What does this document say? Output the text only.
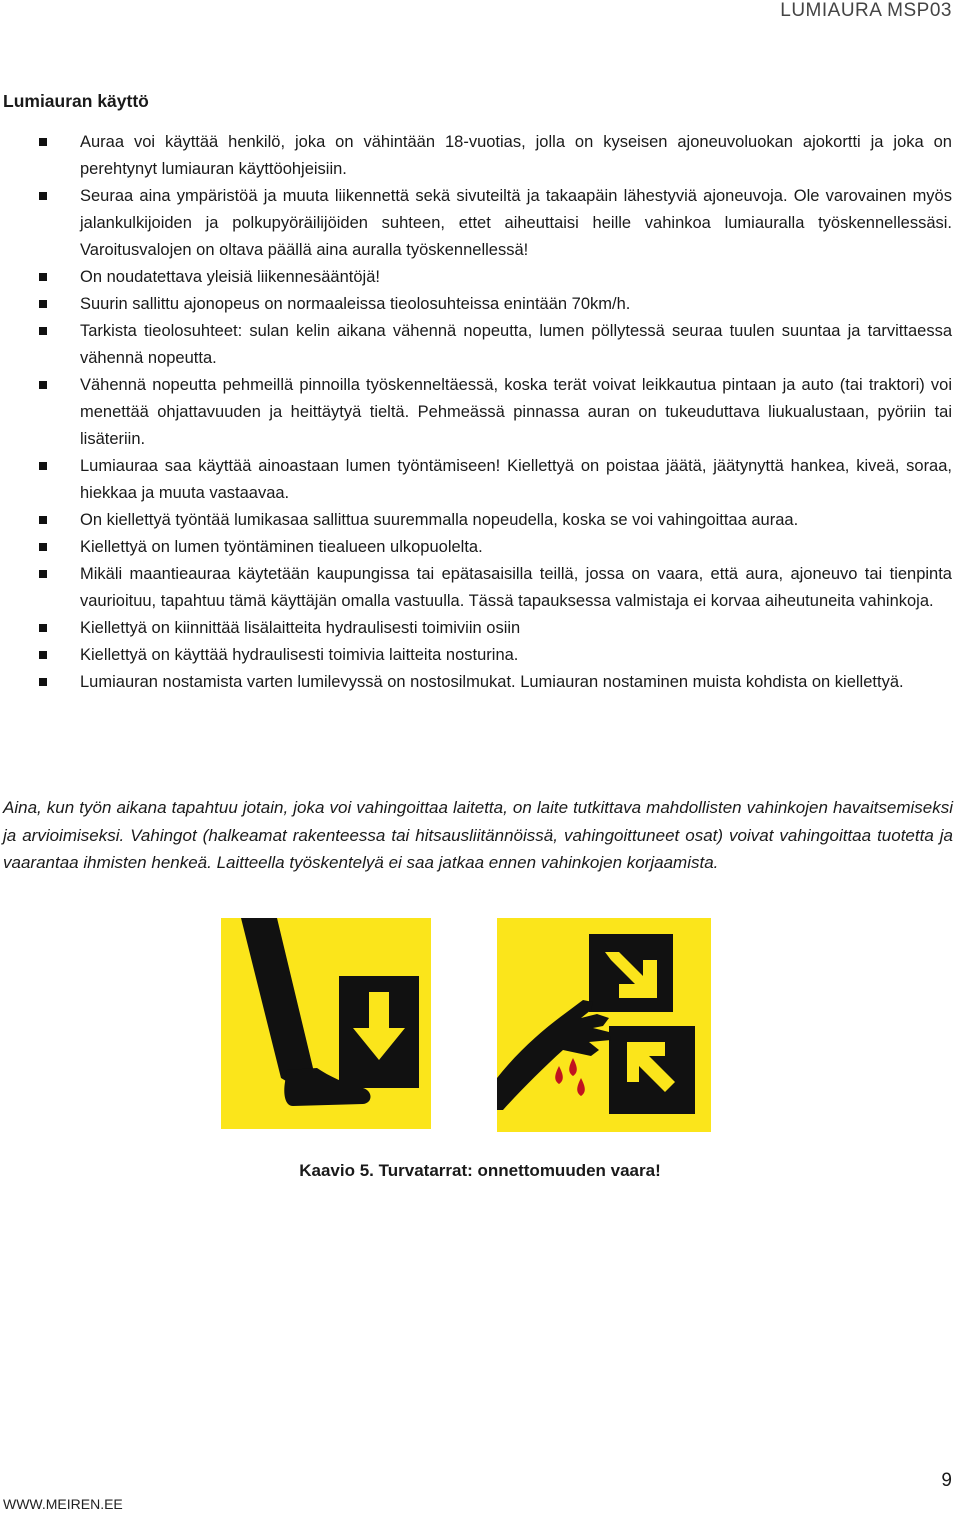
LUMIAURA MSP03
Lumiauran käyttö
Auraa voi käyttää henkilö, joka on vähintään 18-vuotias, jolla on kyseisen ajoneuvoluokan ajokortti ja joka on perehtynyt lumiauran käyttöohjeisiin.
Seuraa aina ympäristöä ja muuta liikennettä sekä sivuteiltä ja takaapäin lähestyviä ajoneuvoja. Ole varovainen myös jalankulkijoiden ja polkupyöräilijöiden suhteen, ettet aiheuttaisi heille vahinkoa lumiauralla työskennellessäsi. Varoitusvalojen on oltava päällä aina auralla työskennellessä!
On noudatettava yleisiä liikennesääntöjä!
Suurin sallittu ajonopeus on normaaleissa tieolosuhteissa enintään 70km/h.
Tarkista tieolosuhteet: sulan kelin aikana vähennä nopeutta, lumen pöllytessä seuraa tuulen suuntaa ja tarvittaessa vähennä nopeutta.
Vähennä nopeutta pehmeillä pinnoilla työskenneltäessä, koska terät voivat leikkautua pintaan ja auto (tai traktori) voi menettää ohjattavuuden ja heittäytyä tieltä. Pehmeässä pinnassa auran on tukeuduttava liukualustaan, pyöriin tai lisäteriin.
Lumiauraa saa käyttää ainoastaan lumen työntämiseen! Kiellettyä on poistaa jäätä, jäätynyttä hankea, kiveä, soraa, hiekkaa ja muuta vastaavaa.
On kiellettyä työntää lumikasaa sallittua suuremmalla nopeudella, koska se voi vahingoittaa auraa.
Kiellettyä on lumen työntäminen tiealueen ulkopuolelta.
Mikäli maantieauraa käytetään kaupungissa tai epätasaisilla teillä, jossa on vaara, että aura, ajoneuvo tai tienpinta vaurioituu, tapahtuu tämä käyttäjän omalla vastuulla. Tässä tapauksessa valmistaja ei korvaa aiheutuneita vahinkoja.
Kiellettyä on kiinnittää lisälaitteita hydraulisesti toimiviin osiin
Kiellettyä on käyttää hydraulisesti toimivia laitteita nosturina.
Lumiauran nostamista varten lumilevyssä on nostosilmukat. Lumiauran nostaminen muista kohdista on kiellettyä.

Aina, kun työn aikana tapahtuu jotain, joka voi vahingoittaa laitetta, on laite tutkittava mahdollisten vahinkojen havaitsemiseksi ja arvioimiseksi. Vahingot (halkeamat rakenteessa tai hitsausliitännöissä, vahingoittuneet osat) voivat vahingoittaa tuotetta ja vaarantaa ihmisten henkeä. Laitteella työskentelyä ei saa jatkaa ennen vahinkojen korjaamista.

Kaavio 5. Turvatarrat: onnettomuuden vaara!
9
WWW.MEIREN.EE
